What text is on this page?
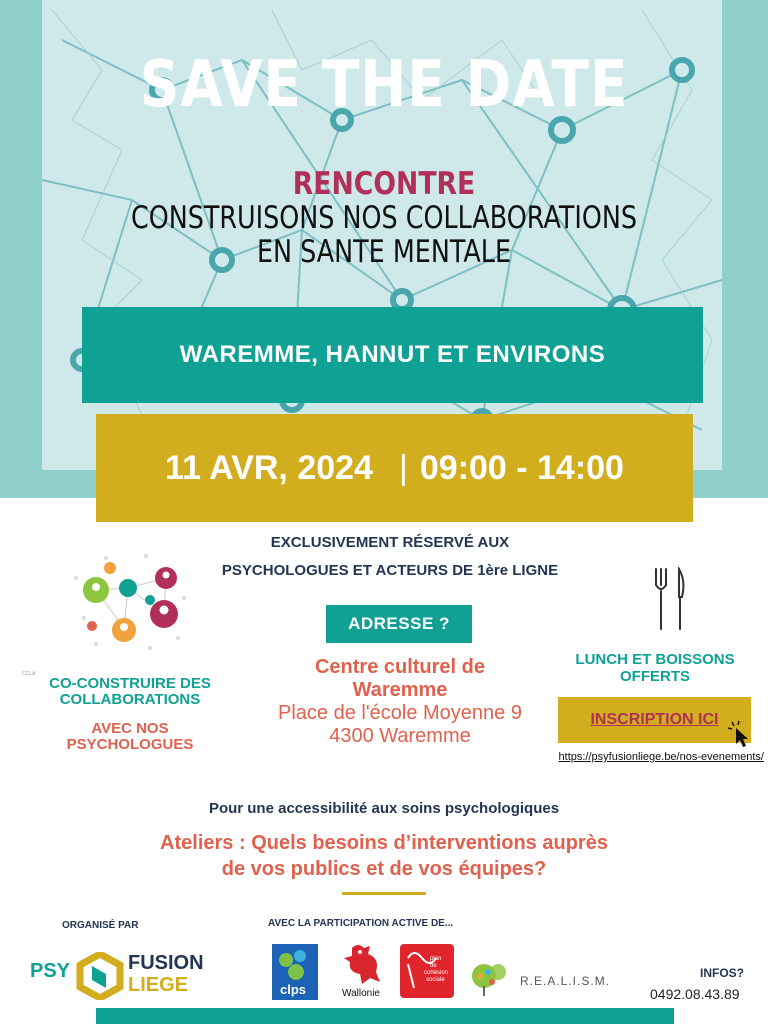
SAVE THE DATE
RENCONTRE
CONSTRUISONS NOS COLLABORATIONS
EN SANTE MENTALE
WAREMME, HANNUT ET ENVIRONS
11 AVR, 2024 | 09:00 - 14:00
EXCLUSIVEMENT RÉSERVÉ AUX
PSYCHOLOGUES ET ACTEURS DE 1ère LIGNE
CCLA
CO-CONSTRUIRE DES
COLLABORATIONS
AVEC NOS
PSYCHOLOGUES
ADRESSE ?
Centre culturel de
Waremme
Place de l'école Moyenne 9
4300 Waremme
LUNCH ET BOISSONS
OFFERTS
INSCRIPTION ICI
https://psyfusionliege.be/nos-evenements/
Pour une accessibilité aux soins psychologiques
Ateliers : Quels besoins d’interventions auprès
de vos publics et de vos équipes?
ORGANISÉ PAR	AVEC LA PARTICIPATION ACTIVE DE...
PSY	FUSION
LIEGE	clps	Wallonie
plan
de
cohésion
sociale	R.E.A.L.I.S.M.
INFOS?
0492.08.43.89
